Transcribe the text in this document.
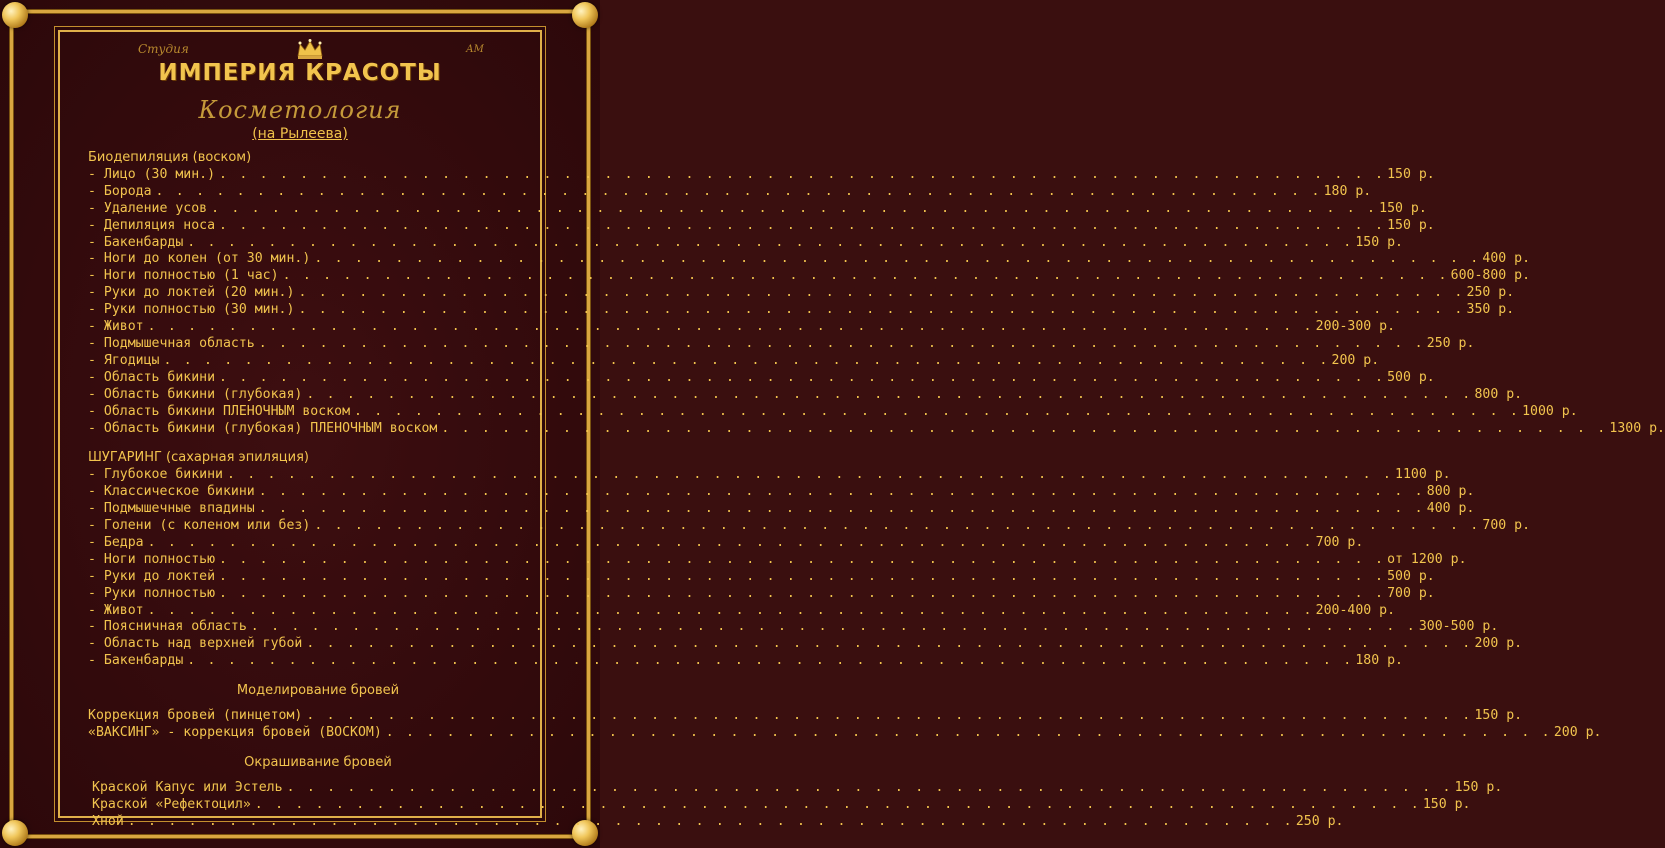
Студия	АМ
ИМПЕРИЯ КРАСОТЫ
Косметология
(на Рылеева)
Биодепиляция (воском)
- Лицо (30 мин.) . . . . . . . . . . . . . . . . . . . . . . . . . . . . . . . . . . . . . . . . . . . . . . . . . . . . . . . . . . 150 р.
- Борода . . . . . . . . . . . . . . . . . . . . . . . . . . . . . . . . . . . . . . . . . . . . . . . . . . . . . . . . . . 180 р.
- Удаление усов . . . . . . . . . . . . . . . . . . . . . . . . . . . . . . . . . . . . . . . . . . . . . . . . . . . . . . . . . . 150 р.
- Депиляция носа . . . . . . . . . . . . . . . . . . . . . . . . . . . . . . . . . . . . . . . . . . . . . . . . . . . . . . . . . . 150 р.
- Бакенбарды . . . . . . . . . . . . . . . . . . . . . . . . . . . . . . . . . . . . . . . . . . . . . . . . . . . . . . . . . . 150 р.
- Ноги до колен (от 30 мин.) . . . . . . . . . . . . . . . . . . . . . . . . . . . . . . . . . . . . . . . . . . . . . . . . . . . . . . . . . . 400 р.
- Ноги полностью (1 час) . . . . . . . . . . . . . . . . . . . . . . . . . . . . . . . . . . . . . . . . . . . . . . . . . . . . . . . . . . 600-800 р.
- Руки до локтей (20 мин.) . . . . . . . . . . . . . . . . . . . . . . . . . . . . . . . . . . . . . . . . . . . . . . . . . . . . . . . . . . 250 р.
- Руки полностью (30 мин.) . . . . . . . . . . . . . . . . . . . . . . . . . . . . . . . . . . . . . . . . . . . . . . . . . . . . . . . . . . 350 р.
- Живот . . . . . . . . . . . . . . . . . . . . . . . . . . . . . . . . . . . . . . . . . . . . . . . . . . . . . . . . . . 200-300 р.
- Подмышечная область . . . . . . . . . . . . . . . . . . . . . . . . . . . . . . . . . . . . . . . . . . . . . . . . . . . . . . . . . . 250 р.
- Ягодицы . . . . . . . . . . . . . . . . . . . . . . . . . . . . . . . . . . . . . . . . . . . . . . . . . . . . . . . . . . 200 р.
- Область бикини . . . . . . . . . . . . . . . . . . . . . . . . . . . . . . . . . . . . . . . . . . . . . . . . . . . . . . . . . . 500 р.
- Область бикини (глубокая) . . . . . . . . . . . . . . . . . . . . . . . . . . . . . . . . . . . . . . . . . . . . . . . . . . . . . . . . . . 800 р.
- Область бикини ПЛЕНОЧНЫМ воском . . . . . . . . . . . . . . . . . . . . . . . . . . . . . . . . . . . . . . . . . . . . . . . . . . . . . . . . . . 1000 р.
- Область бикини (глубокая) ПЛЕНОЧНЫМ воском . . . . . . . . . . . . . . . . . . . . . . . . . . . . . . . . . . . . . . . . . . . . . . . . . . . . . . . . . . 1300 р.
ШУГАРИНГ (сахарная эпиляция)
- Глубокое бикини . . . . . . . . . . . . . . . . . . . . . . . . . . . . . . . . . . . . . . . . . . . . . . . . . . . . . . . . . . 1100 р.
- Классическое бикини . . . . . . . . . . . . . . . . . . . . . . . . . . . . . . . . . . . . . . . . . . . . . . . . . . . . . . . . . . 800 р.
- Подмышечные впадины . . . . . . . . . . . . . . . . . . . . . . . . . . . . . . . . . . . . . . . . . . . . . . . . . . . . . . . . . . 400 р.
- Голени (с коленом или без) . . . . . . . . . . . . . . . . . . . . . . . . . . . . . . . . . . . . . . . . . . . . . . . . . . . . . . . . . . 700 р.
- Бедра . . . . . . . . . . . . . . . . . . . . . . . . . . . . . . . . . . . . . . . . . . . . . . . . . . . . . . . . . . 700 р.
- Ноги полностью . . . . . . . . . . . . . . . . . . . . . . . . . . . . . . . . . . . . . . . . . . . . . . . . . . . . . . . . . . от 1200 р.
- Руки до локтей . . . . . . . . . . . . . . . . . . . . . . . . . . . . . . . . . . . . . . . . . . . . . . . . . . . . . . . . . . 500 р.
- Руки полностью . . . . . . . . . . . . . . . . . . . . . . . . . . . . . . . . . . . . . . . . . . . . . . . . . . . . . . . . . . 700 р.
- Живот . . . . . . . . . . . . . . . . . . . . . . . . . . . . . . . . . . . . . . . . . . . . . . . . . . . . . . . . . . 200-400 р.
- Поясничная область . . . . . . . . . . . . . . . . . . . . . . . . . . . . . . . . . . . . . . . . . . . . . . . . . . . . . . . . . . 300-500 р.
- Область над верхней губой . . . . . . . . . . . . . . . . . . . . . . . . . . . . . . . . . . . . . . . . . . . . . . . . . . . . . . . . . . 200 р.
- Бакенбарды . . . . . . . . . . . . . . . . . . . . . . . . . . . . . . . . . . . . . . . . . . . . . . . . . . . . . . . . . . 180 р.
Моделирование бровей
Коррекция бровей (пинцетом) . . . . . . . . . . . . . . . . . . . . . . . . . . . . . . . . . . . . . . . . . . . . . . . . . . . . . . . . . . 150 р.
«ВАКСИНГ» - коррекция бровей (ВОСКОМ) . . . . . . . . . . . . . . . . . . . . . . . . . . . . . . . . . . . . . . . . . . . . . . . . . . . . . . . . . . 200 р.
Окрашивание бровей
Краской Капус или Эстель . . . . . . . . . . . . . . . . . . . . . . . . . . . . . . . . . . . . . . . . . . . . . . . . . . . . . . . . . . 150 р.
Краской «Рефектоцил» . . . . . . . . . . . . . . . . . . . . . . . . . . . . . . . . . . . . . . . . . . . . . . . . . . . . . . . . . . 150 р.
Хной . . . . . . . . . . . . . . . . . . . . . . . . . . . . . . . . . . . . . . . . . . . . . . . . . . . . . . . . . . 250 р.
